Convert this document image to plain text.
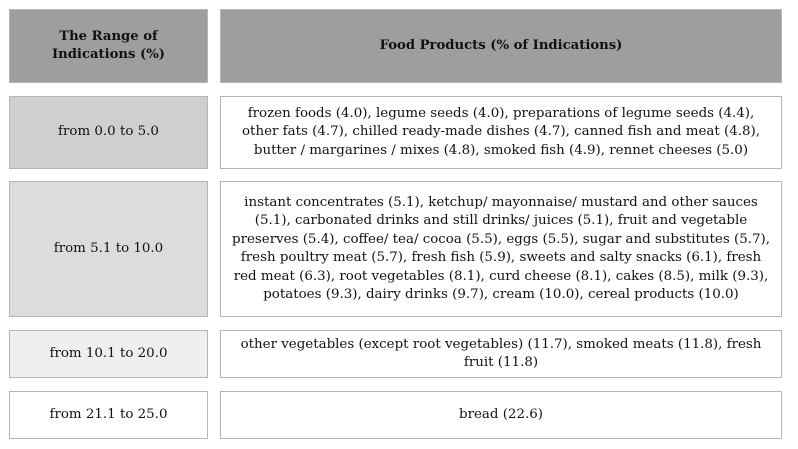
The Range of Indications (%)
Food Products (% of Indications)
from 0.0 to 5.0
frozen foods (4.0), legume seeds (4.0), preparations of legume seeds (4.4), other fats (4.7), chilled ready-made dishes (4.7), canned fish and meat (4.8), butter / margarines / mixes (4.8), smoked fish (4.9), rennet cheeses (5.0)
from 5.1 to 10.0
instant concentrates (5.1), ketchup/ mayonnaise/ mustard and other sauces (5.1), carbonated drinks and still drinks/ juices (5.1), fruit and vegetable preserves (5.4), coffee/ tea/ cocoa (5.5), eggs (5.5), sugar and substitutes (5.7), fresh poultry meat (5.7), fresh fish (5.9), sweets and salty snacks (6.1), fresh red meat (6.3), root vegetables (8.1), curd cheese (8.1), cakes (8.5), milk (9.3), potatoes (9.3), dairy drinks (9.7), cream (10.0), cereal products (10.0)
from 10.1 to 20.0
other vegetables (except root vegetables) (11.7), smoked meats (11.8), fresh fruit (11.8)
from 21.1 to 25.0	bread (22.6)
